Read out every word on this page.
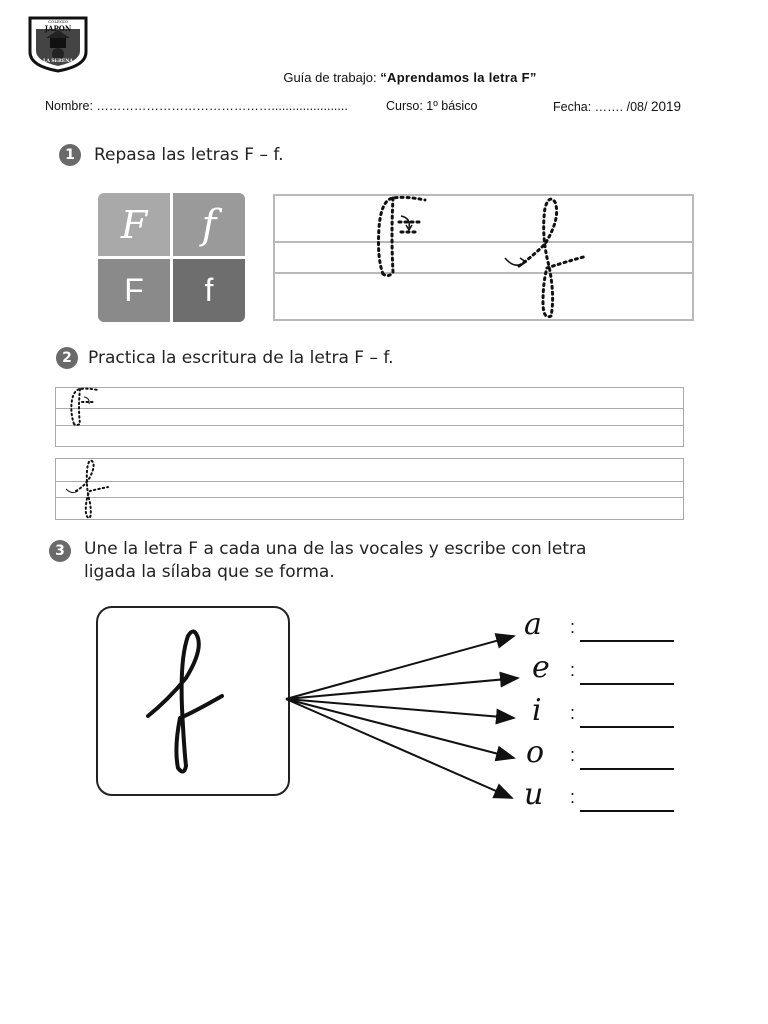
COLEGIO
JAPON
LA SERENA
Guía de trabajo: “Aprendamos la letra F”
Nombre: ……………………………………......................	Curso: 1º básico	Fecha: ……. /08/ 2019
1	Repasa las letras F – f.
F f
F f
2 Practica la escritura de la letra F – f.
3	Une la letra F a cada una de las vocales y escribe con letra
ligada la sílaba que se forma.
a :
e :
i :
o :
u :
